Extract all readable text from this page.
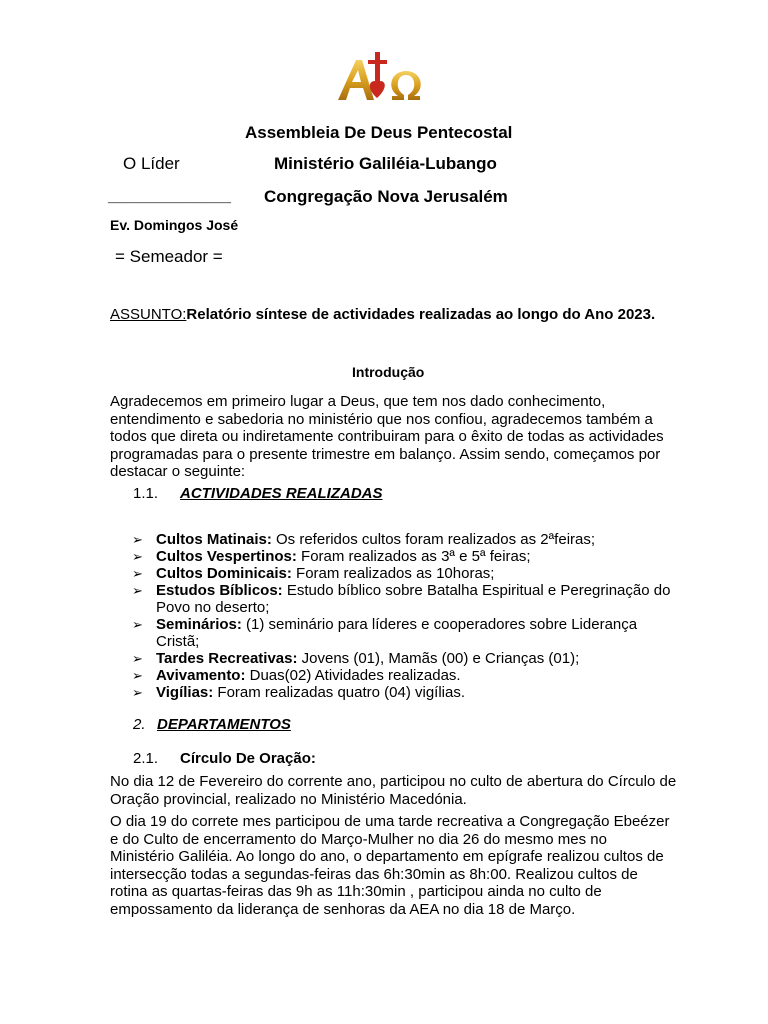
Assembleia De Deus Pentecostal
O Líder	Ministério Galiléia-Lubango
_____________ Congregação Nova Jerusalém
Ev. Domingos José
= Semeador =
ASSUNTO:Relatório síntese de actividades realizadas ao longo do Ano 2023.
Introdução
Agradecemos em primeiro lugar a Deus, que tem nos dado conhecimento, entendimento e sabedoria no ministério que nos confiou, agradecemos também a todos que direta ou indiretamente contribuiram para o êxito de todas as actividades programadas para o presente trimestre em balanço. Assim sendo, começamos por destacar o seguinte:
1.1. ACTIVIDADES REALIZADAS
➢ Cultos Matinais: Os referidos cultos foram realizados as 2ªfeiras;
➢ Cultos Vespertinos: Foram realizados as 3ª e 5ª feiras;
➢ Cultos Dominicais: Foram realizados as 10horas;
➢ Estudos Bíblicos: Estudo bíblico sobre Batalha Espiritual e Peregrinação do Povo no deserto;
➢ Seminários: (1) seminário para líderes e cooperadores sobre Liderança Cristã;
➢ Tardes Recreativas: Jovens (01), Mamãs (00) e Crianças (01);
➢ Avivamento: Duas(02) Atividades realizadas.
➢ Vigílias: Foram realizadas quatro (04) vigílias.
2. DEPARTAMENTOS
2.1. Círculo De Oração:
No dia 12 de Fevereiro do corrente ano, participou no culto de abertura do Círculo de Oração provincial, realizado no Ministério Macedónia.
O dia 19 do correte mes participou de uma tarde recreativa a Congregação Ebeézer e do Culto de encerramento do Março-Mulher no dia 26 do mesmo mes no Ministério Galiléia. Ao longo do ano, o departamento em epígrafe realizou cultos de intersecção todas a segundas-feiras das 6h:30min as 8h:00. Realizou cultos de rotina as quartas-feiras das 9h as 11h:30min , participou ainda no culto de empossamento da liderança de senhoras da AEA no dia 18 de Março.
